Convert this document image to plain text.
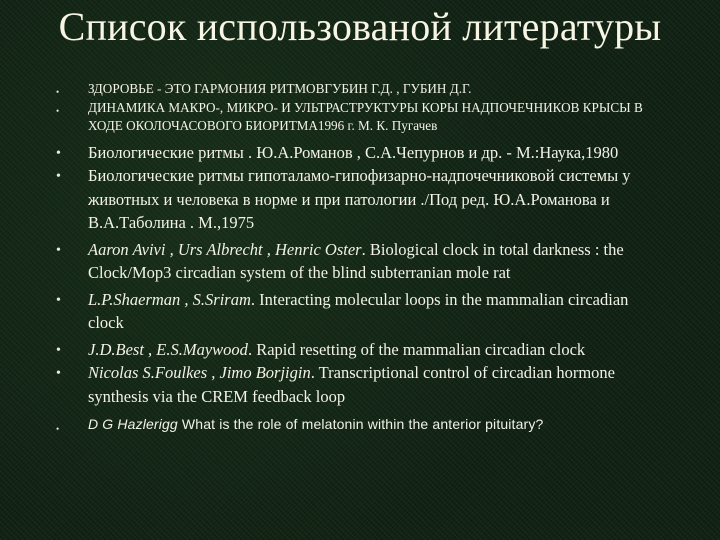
Список использованой литературы
• ЗДОРОВЬЕ - ЭТО ГАРМОНИЯ РИТМОВГУБИН Г.Д. , ГУБИН Д.Г.
• ДИНАМИКА МАКРО-, МИКРО- И УЛЬТРАСТРУКТУРЫ КОРЫ НАДПОЧЕЧНИКОВ КРЫСЫ В ХОДЕ ОКОЛОЧАСОВОГО БИОРИТМА1996 г. М. К. Пугачев
• Биологические ритмы . Ю.А.Романов , С.А.Чепурнов и др. - М.:Наука,1980
• Биологические ритмы гипоталамо-гипофизарно-надпочечниковой системы у животных и человека в норме и при патологии ./Под ред. Ю.А.Романова и В.А.Таболина . М.,1975
• Aaron Avivi , Urs Albrecht , Henric Oster. Biological clock in total darkness : the Clock/Mop3 circadian system of the blind subterranian mole rat
• L.P.Shaerman , S.Sriram. Interacting molecular loops in the mammalian circadian clock
• J.D.Best , E.S.Maywood. Rapid resetting of the mammalian circadian clock
• Nicolas S.Foulkes , Jimo Borjigin. Transcriptional control of circadian hormone synthesis via the CREM feedback loop
• D G Hazlerigg What is the role of melatonin within the anterior pituitary?
